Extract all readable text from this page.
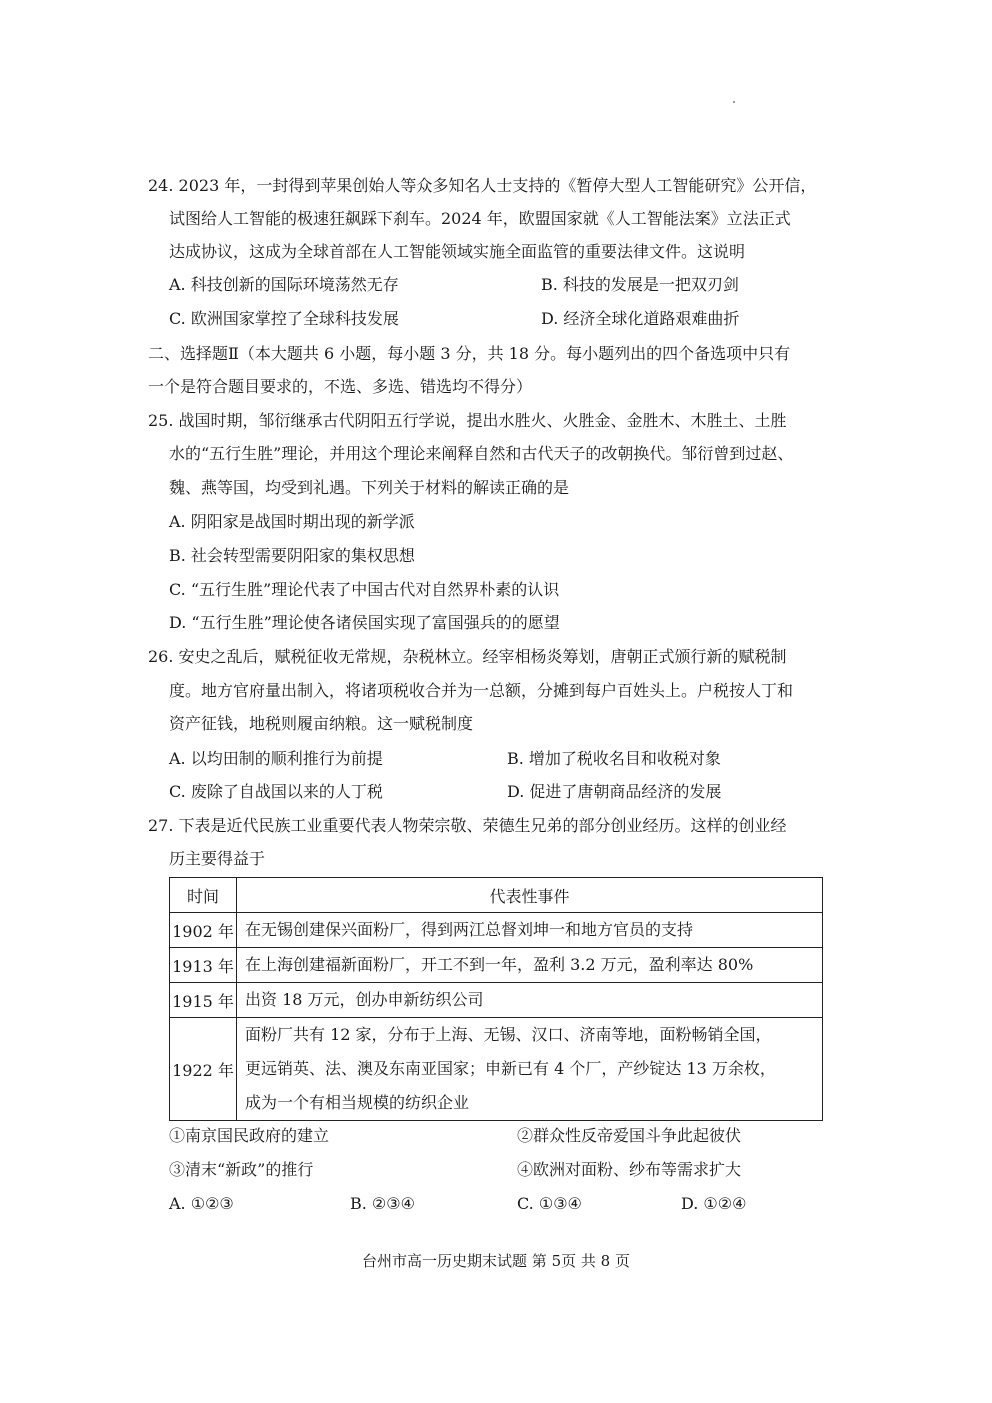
24. 2023 年，一封得到苹果创始人等众多知名人士支持的《暂停大型人工智能研究》公开信，
试图给人工智能的极速狂飙踩下刹车。2024 年，欧盟国家就《人工智能法案》立法正式
达成协议，这成为全球首部在人工智能领域实施全面监管的重要法律文件。这说明
A. 科技创新的国际环境荡然无存	B. 科技的发展是一把双刃剑
C. 欧洲国家掌控了全球科技发展	D. 经济全球化道路艰难曲折
二、选择题Ⅱ（本大题共 6 小题，每小题 3 分，共 18 分。每小题列出的四个备选项中只有
一个是符合题目要求的，不选、多选、错选均不得分）
25. 战国时期，邹衍继承古代阴阳五行学说，提出水胜火、火胜金、金胜木、木胜土、土胜
水的“五行生胜”理论，并用这个理论来阐释自然和古代天子的改朝换代。邹衍曾到过赵、
魏、燕等国，均受到礼遇。下列关于材料的解读正确的是
A. 阴阳家是战国时期出现的新学派
B. 社会转型需要阴阳家的集权思想
C. “五行生胜”理论代表了中国古代对自然界朴素的认识
D. “五行生胜”理论使各诸侯国实现了富国强兵的的愿望
26. 安史之乱后，赋税征收无常规，杂税林立。经宰相杨炎筹划，唐朝正式颁行新的赋税制
度。地方官府量出制入，将诸项税收合并为一总额，分摊到每户百姓头上。户税按人丁和
资产征钱，地税则履亩纳粮。这一赋税制度
A. 以均田制的顺利推行为前提	B. 增加了税收名目和收税对象
C. 废除了自战国以来的人丁税	D. 促进了唐朝商品经济的发展
27. 下表是近代民族工业重要代表人物荣宗敬、荣德生兄弟的部分创业经历。这样的创业经
历主要得益于
时间	代表性事件
1902 年	在无锡创建保兴面粉厂，得到两江总督刘坤一和地方官员的支持

1913 年	在上海创建福新面粉厂，开工不到一年，盈利 3.2 万元，盈利率达 80%

1915 年	出资 18 万元，创办申新纺织公司

1922 年	面粉厂共有 12 家，分布于上海、无锡、汉口、济南等地，面粉畅销全国，
更远销英、法、澳及东南亚国家；申新已有 4 个厂，产纱锭达 13 万余枚，
成为一个有相当规模的纺织企业
①南京国民政府的建立	②群众性反帝爱国斗争此起彼伏
③清末“新政”的推行	④欧洲对面粉、纱布等需求扩大
A. ①②③	B. ②③④	C. ①③④	D. ①②④
台州市高一历史期末试题 第 5页 共 8 页
